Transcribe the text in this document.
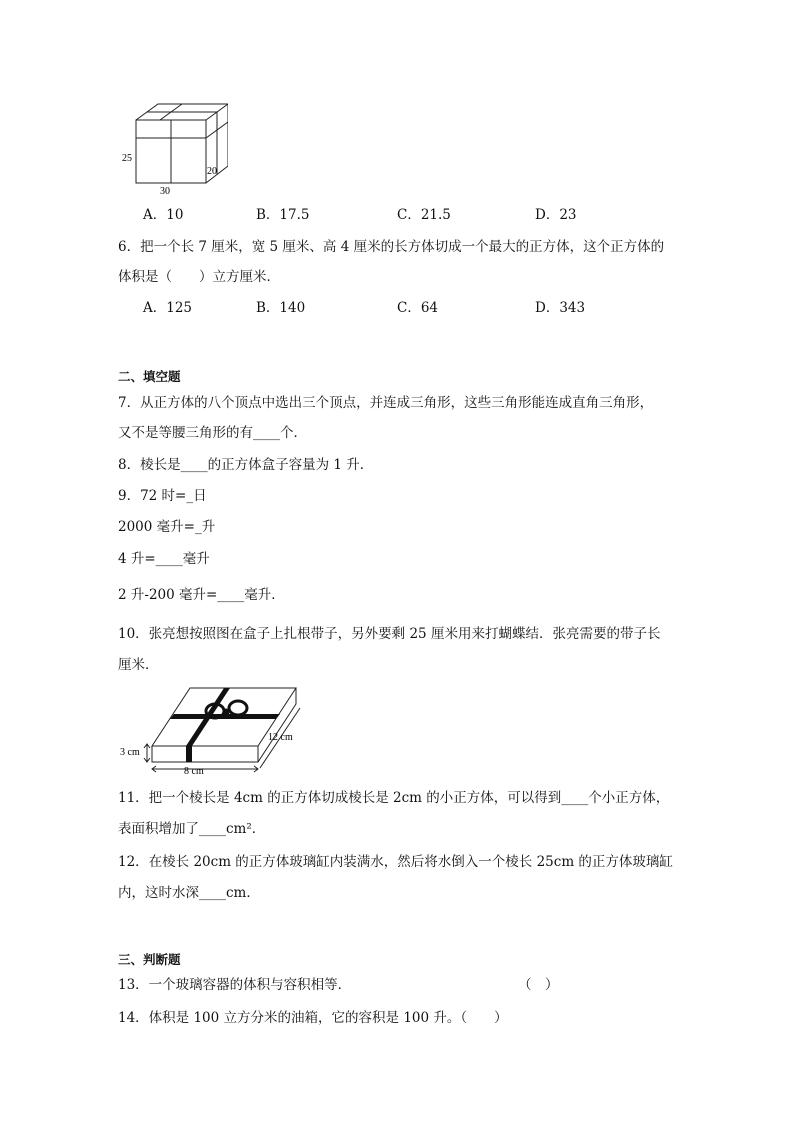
25
30
20
A．10	B．17.5	C．21.5	D．23
6．把一个长 7 厘米，宽 5 厘米、高 4 厘米的长方体切成一个最大的正方体，这个正方体的
体积是（　　）立方厘米．
A．125	B．140	C．64	D．343
二、填空题
7．从正方体的八个顶点中选出三个顶点，并连成三角形，这些三角形能连成直角三角形，
又不是等腰三角形的有____个．
8．棱长是____的正方体盒子容量为 1 升．
9．72 时=_日
2000 毫升=_升
4 升=____毫升
2 升-200 毫升=____毫升．
10．张亮想按照图在盒子上扎根带子，另外要剩 25 厘米用来打蝴蝶结．张亮需要的带子长
厘米．
3 cm
8 cm
12 cm
11．把一个棱长是 4cm 的正方体切成棱长是 2cm 的小正方体，可以得到____个小正方体，
表面积增加了____cm²．
12．在棱长 20cm 的正方体玻璃缸内装满水，然后将水倒入一个棱长 25cm 的正方体玻璃缸
内，这时水深____cm．
三、判断题
13．一个玻璃容器的体积与容积相等．	（　）
14．体积是 100 立方分米的油箱，它的容积是 100 升。（　　）
